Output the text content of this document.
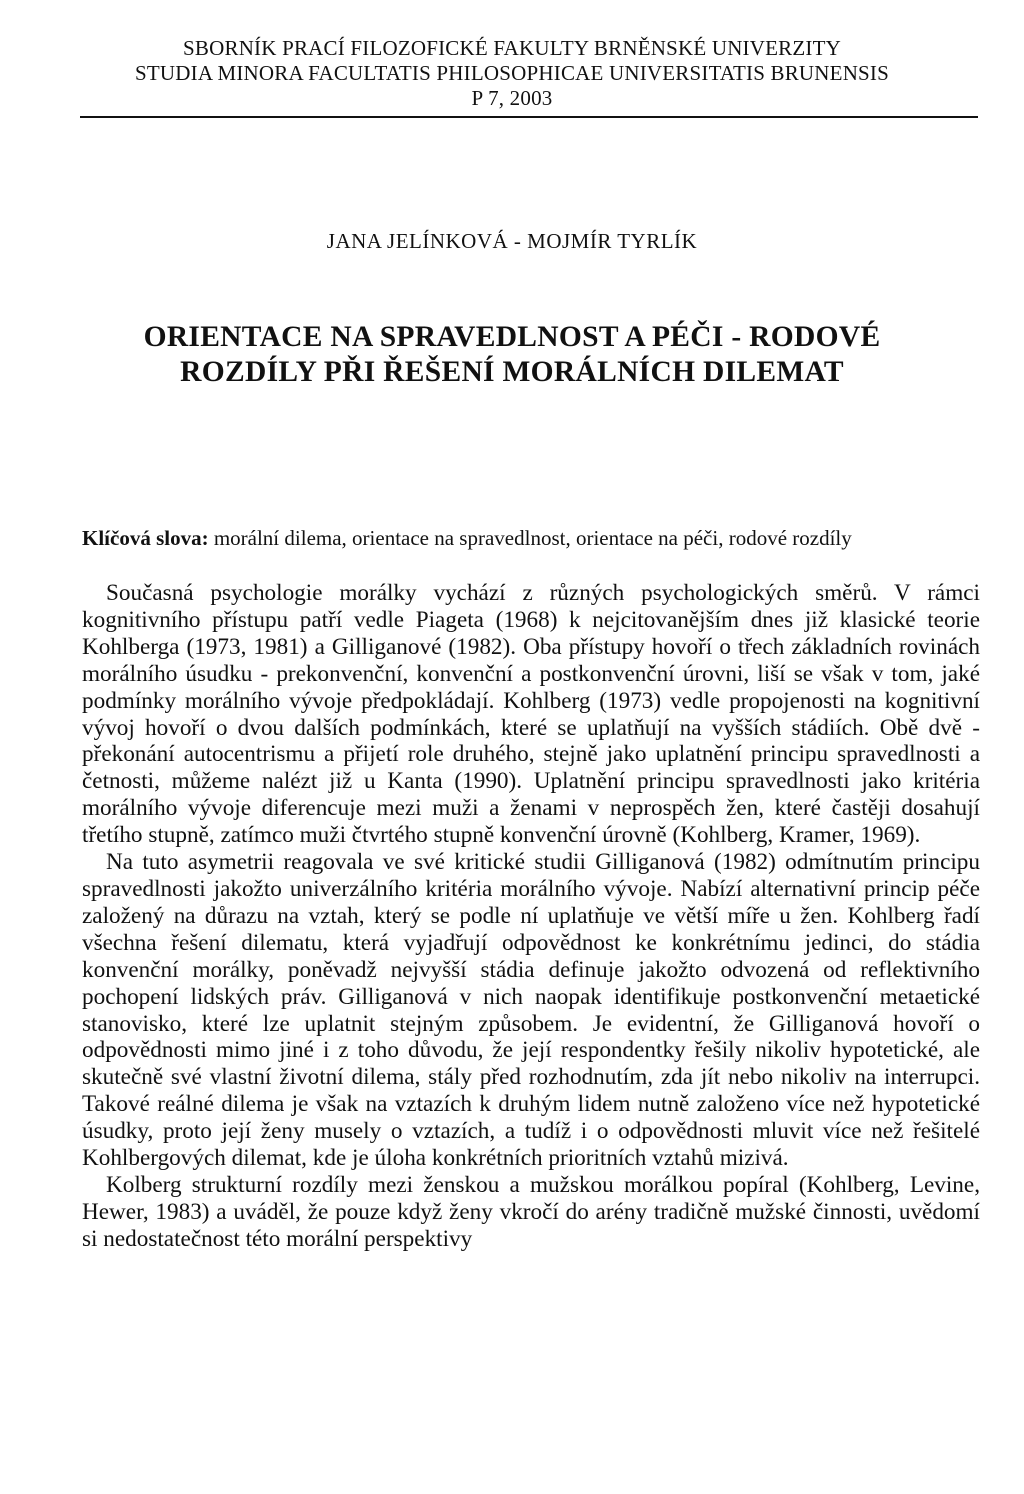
SBORNÍK PRACÍ FILOZOFICKÉ FAKULTY BRNĚNSKÉ UNIVERZITY
STUDIA MINORA FACULTATIS PHILOSOPHICAE UNIVERSITATIS BRUNENSIS
P 7, 2003
JANA JELÍNKOVÁ - MOJMÍR TYRLÍK
ORIENTACE NA SPRAVEDLNOST A PÉČI - RODOVÉ
ROZDÍLY PŘI ŘEŠENÍ MORÁLNÍCH DILEMAT
Klíčová slova: morální dilema, orientace na spravedlnost, orientace na péči, rodové rozdíly

Současná psychologie morálky vychází z různých psychologických směrů. V rámci kognitivního přístupu patří vedle Piageta (1968) k nejcitovanějším dnes již klasické teorie Kohlberga (1973, 1981) a Gilliganové (1982). Oba přístupy hovoří o třech základních rovinách morálního úsudku - prekonvenční, konvenční a postkonvenční úrovni, liší se však v tom, jaké podmínky morálního vývoje předpokládají. Kohlberg (1973) vedle propojenosti na kognitivní vývoj hovoří o dvou dalších podmínkách, které se uplatňují na vyšších stádiích. Obě dvě - překonání autocentrismu a přijetí role druhého, stejně jako uplatnění principu spravedlnosti a četnosti, můžeme nalézt již u Kanta (1990). Uplatnění principu spravedlnosti jako kritéria morálního vývoje diferencuje mezi muži a ženami v neprospěch žen, které častěji dosahují třetího stupně, zatímco muži čtvrtého stupně konvenční úrovně (Kohlberg, Kramer, 1969).

Na tuto asymetrii reagovala ve své kritické studii Gilliganová (1982) odmítnutím principu spravedlnosti jakožto univerzálního kritéria morálního vývoje. Nabízí alternativní princip péče založený na důrazu na vztah, který se podle ní uplatňuje ve větší míře u žen. Kohlberg řadí všechna řešení dilematu, která vyjadřují odpovědnost ke konkrétnímu jedinci, do stádia konvenční morálky, poněvadž nejvyšší stádia definuje jakožto odvozená od reflektivního pochopení lidských práv. Gilliganová v nich naopak identifikuje postkonvenční metaetické stanovisko, které lze uplatnit stejným způsobem. Je evidentní, že Gilliganová hovoří o odpovědnosti mimo jiné i z toho důvodu, že její respondentky řešily nikoliv hypotetické, ale skutečně své vlastní životní dilema, stály před rozhodnutím, zda jít nebo nikoliv na interrupci. Takové reálné dilema je však na vztazích k druhým lidem nutně založeno více než hypotetické úsudky, proto její ženy musely o vztazích, a tudíž i o odpovědnosti mluvit více než řešitelé Kohlbergových dilemat, kde je úloha konkrétních prioritních vztahů mizivá.

Kolberg strukturní rozdíly mezi ženskou a mužskou morálkou popíral (Kohlberg, Levine, Hewer, 1983) a uváděl, že pouze když ženy vkročí do arény tradičně mužské činnosti, uvědomí si nedostatečnost této morální perspektivy
